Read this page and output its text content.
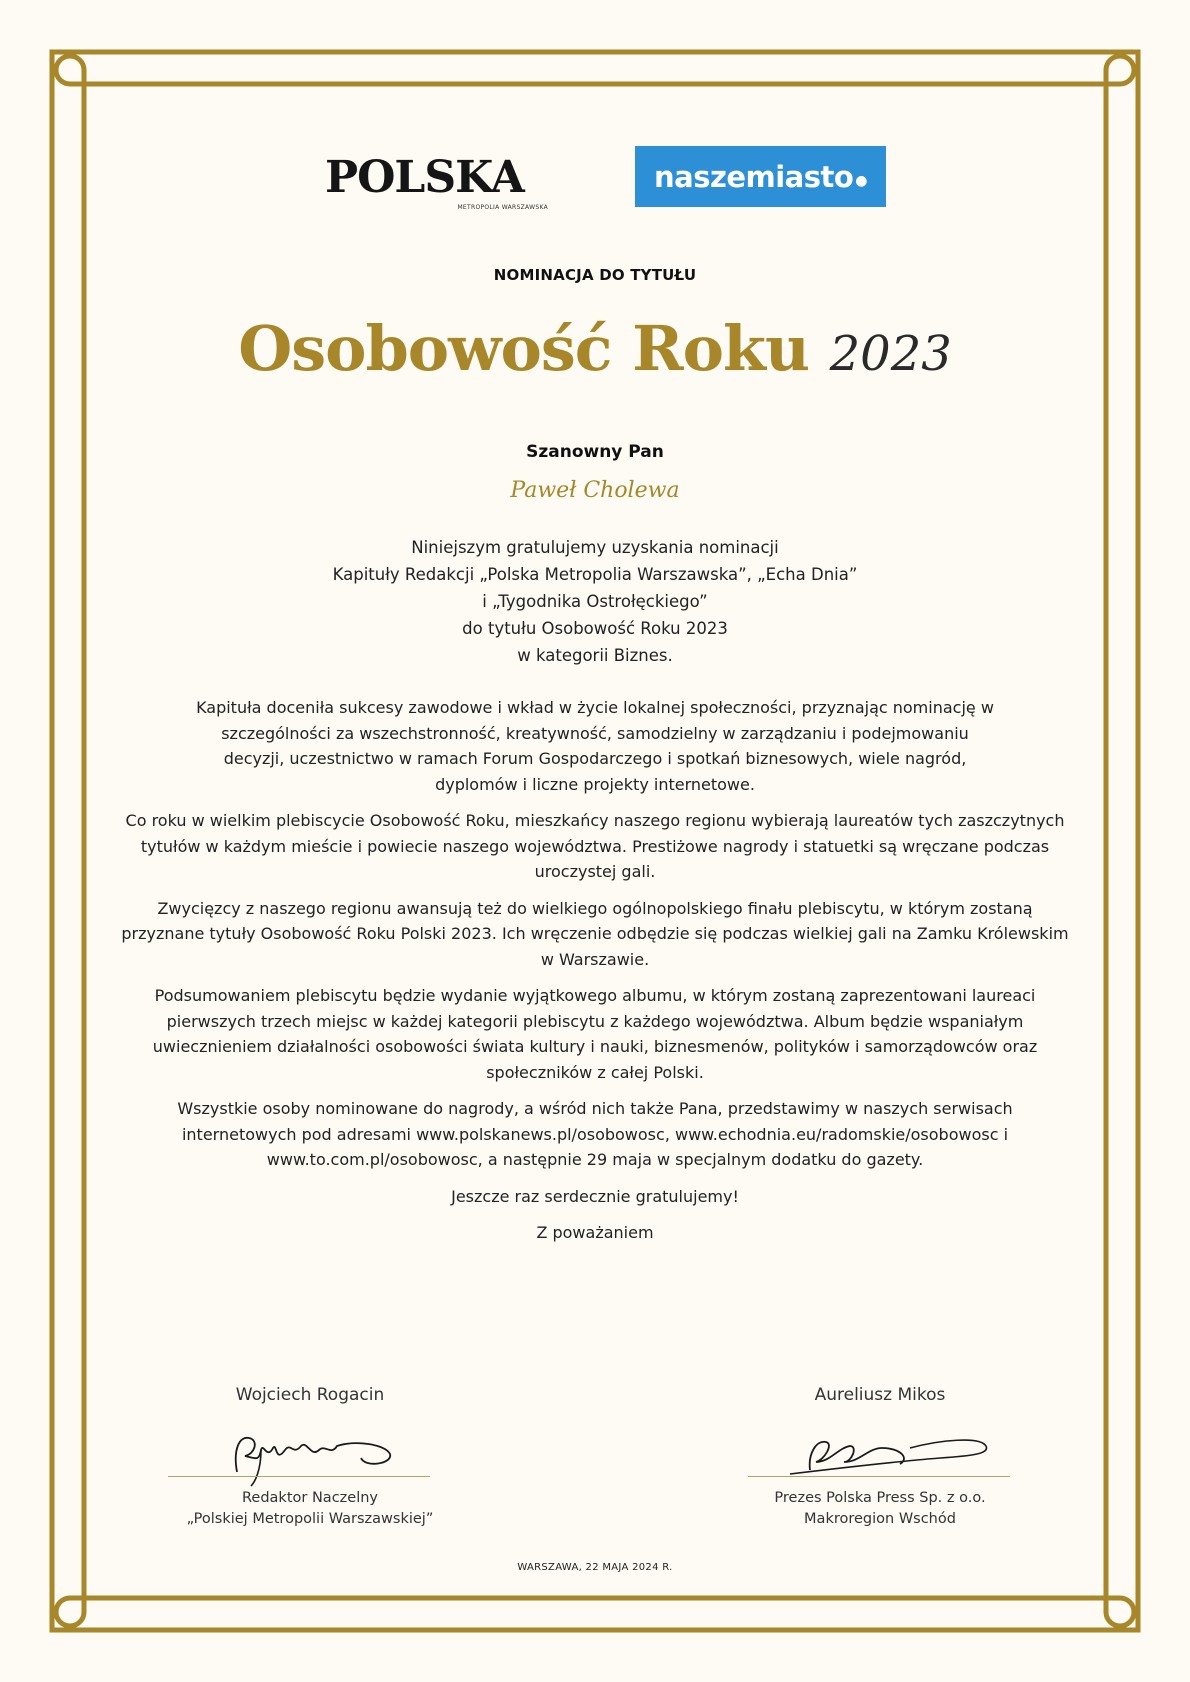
POLSKA
METROPOLIA WARSZAWSKA
naszemiasto ●
NOMINACJA DO TYTUŁU
Osobowość Roku 2023
Szanowny Pan
Paweł Cholewa
Niniejszym gratulujemy uzyskania nominacji
Kapituły Redakcji „Polska Metropolia Warszawska”, „Echa Dnia”
i „Tygodnika Ostrołęckiego”
do tytułu Osobowość Roku 2023
w kategorii Biznes.

Kapituła doceniła sukcesy zawodowe i wkład w życie lokalnej społeczności, przyznając nominację w szczególności za wszechstronność, kreatywność, samodzielny w zarządzaniu i podejmowaniu decyzji, uczestnictwo w ramach Forum Gospodarczego i spotkań biznesowych, wiele nagród, dyplomów i liczne projekty internetowe.

Co roku w wielkim plebiscycie Osobowość Roku, mieszkańcy naszego regionu wybierają laureatów tych zaszczytnych tytułów w każdym mieście i powiecie naszego województwa. Prestiżowe nagrody i statuetki są wręczane podczas uroczystej gali.

Zwycięzcy z naszego regionu awansują też do wielkiego ogólnopolskiego finału plebiscytu, w którym zostaną przyznane tytuły Osobowość Roku Polski 2023. Ich wręczenie odbędzie się podczas wielkiej gali na Zamku Królewskim w Warszawie.

Podsumowaniem plebiscytu będzie wydanie wyjątkowego albumu, w którym zostaną zaprezentowani laureaci pierwszych trzech miejsc w każdej kategorii plebiscytu z każdego województwa. Album będzie wspaniałym uwiecznieniem działalności osobowości świata kultury i nauki, biznesmenów, polityków i samorządowców oraz społeczników z całej Polski.

Wszystkie osoby nominowane do nagrody, a wśród nich także Pana, przedstawimy w naszych serwisach internetowych pod adresami www.polskanews.pl/osobowosc, www.echodnia.eu/radomskie/osobowosc i www.to.com.pl/osobowosc, a następnie 29 maja w specjalnym dodatku do gazety.

Jeszcze raz serdecznie gratulujemy!

Z poważaniem

Wojciech Rogacin
Redaktor Naczelny
„Polskiej Metropolii Warszawskiej”
Aureliusz Mikos
Prezes Polska Press Sp. z o.o.
Makroregion Wschód
WARSZAWA, 22 MAJA 2024 R.
